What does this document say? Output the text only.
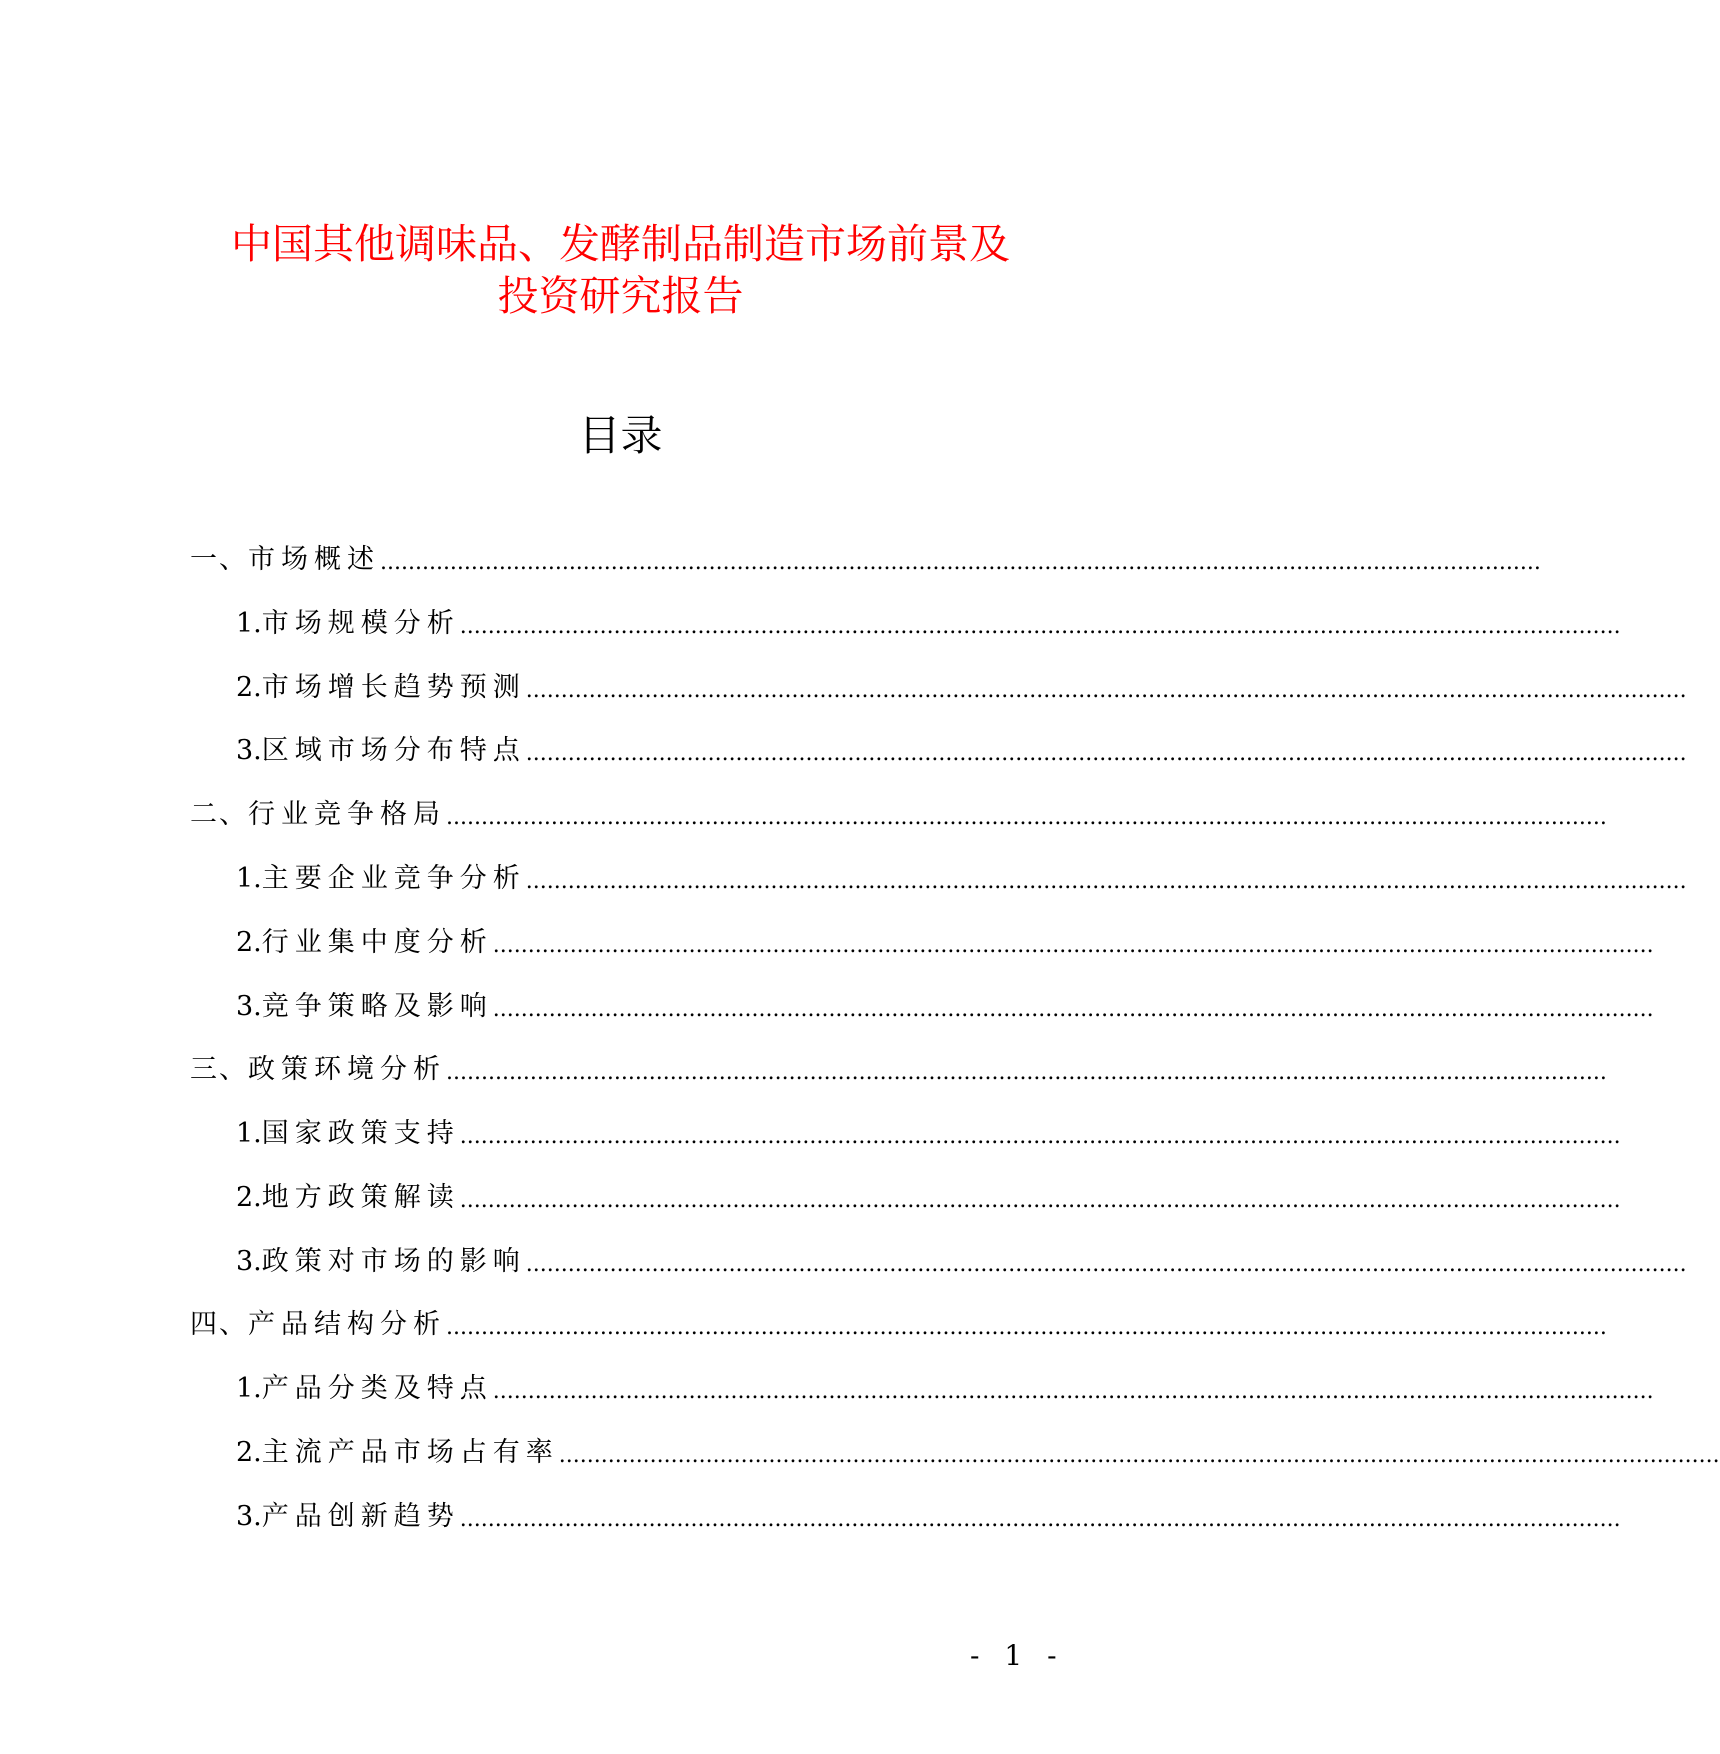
中国其他调味品、发酵制品制造市场前景及
投资研究报告
目录
一、 市场概述 ......................................................................................................................................................................
1. 市场规模分析 ......................................................................................................................................................................
2. 市场增长趋势预测 ......................................................................................................................................................................
3. 区域市场分布特点 ......................................................................................................................................................................
二、 行业竞争格局 ......................................................................................................................................................................
1. 主要企业竞争分析 ......................................................................................................................................................................
2. 行业集中度分析 ......................................................................................................................................................................
3. 竞争策略及影响 ......................................................................................................................................................................
三、 政策环境分析 ......................................................................................................................................................................
1. 国家政策支持 ......................................................................................................................................................................
2. 地方政策解读 ......................................................................................................................................................................
3. 政策对市场的影响 ......................................................................................................................................................................
四、 产品结构分析 ......................................................................................................................................................................
1. 产品分类及特点 ......................................................................................................................................................................
2. 主流产品市场占有率 ......................................................................................................................................................................
3. 产品创新趋势 ......................................................................................................................................................................
- 1 -
